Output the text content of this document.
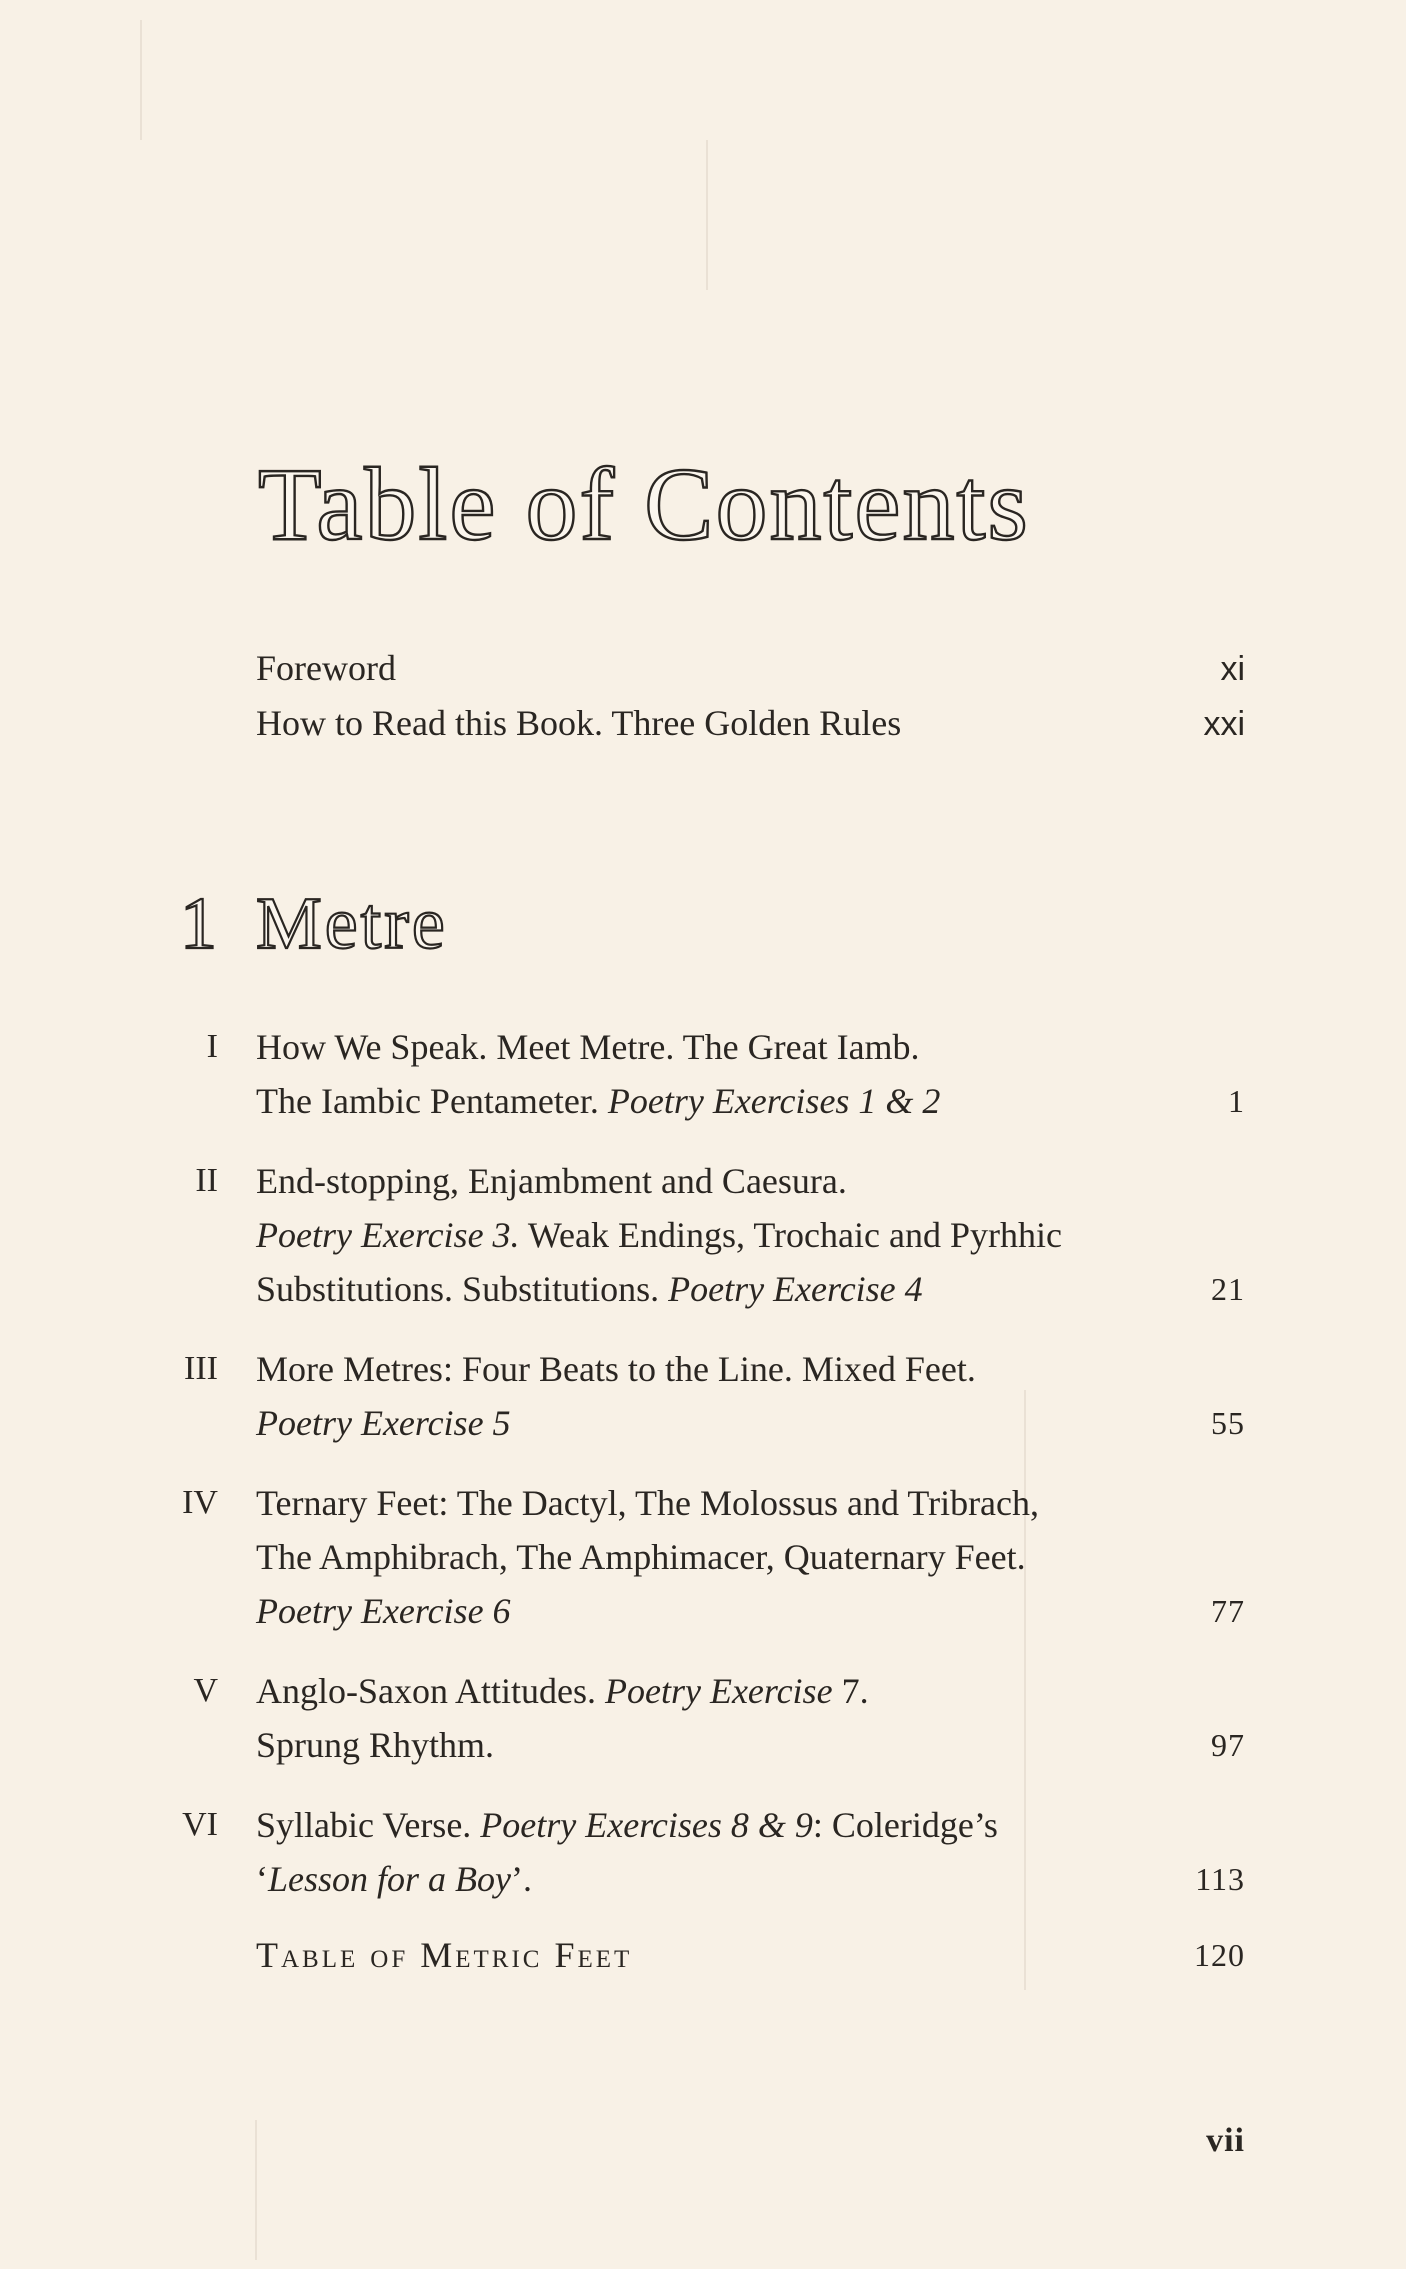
Table of Contents
Foreword	xi
How to Read this Book. Three Golden Rules	xxi
1 Metre
I	How We Speak. Meet Metre. The Great Iamb.
The Iambic Pentameter. Poetry Exercises 1 & 2	1
II	End-stopping, Enjambment and Caesura.
Poetry Exercise 3. Weak Endings, Trochaic and Pyrhhic
Substitutions. Substitutions. Poetry Exercise 4	21
III	More Metres: Four Beats to the Line. Mixed Feet.
Poetry Exercise 5	55
IV	Ternary Feet: The Dactyl, The Molossus and Tribrach,
The Amphibrach, The Amphimacer, Quaternary Feet.
Poetry Exercise 6	77
V	Anglo-Saxon Attitudes. Poetry Exercise 7.
Sprung Rhythm.	97
VI	Syllabic Verse. Poetry Exercises 8 & 9: Coleridge’s
‘Lesson for a Boy’.	113
Table of Metric Feet	120
vii
